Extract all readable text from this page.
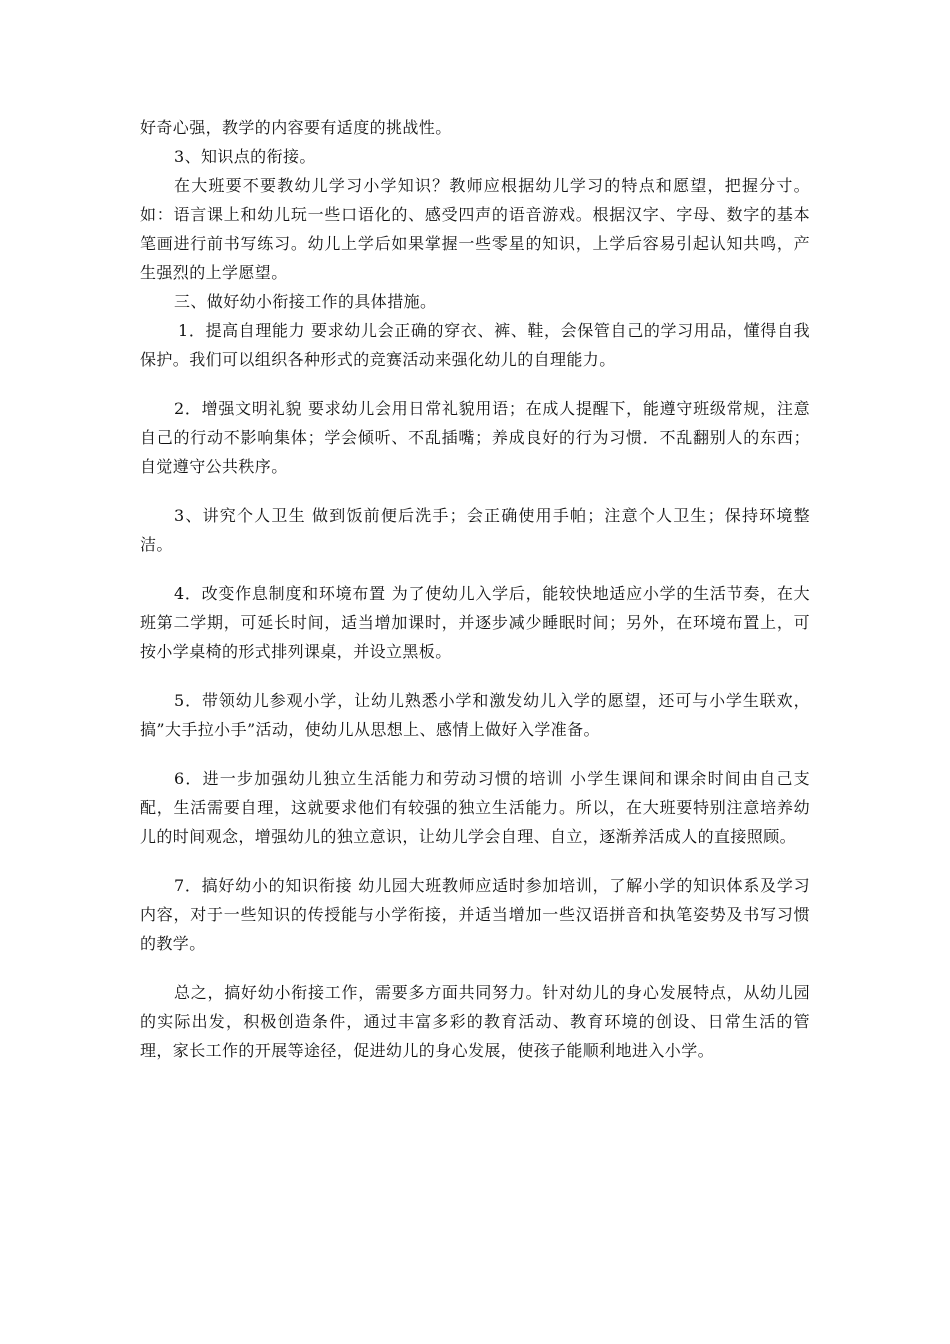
好奇心强，教学的内容要有适度的挑战性。

3、知识点的衔接。

在大班要不要教幼儿学习小学知识？教师应根据幼儿学习的特点和愿望，把握分寸。如：语言课上和幼儿玩一些口语化的、感受四声的语音游戏。根据汉字、字母、数字的基本笔画进行前书写练习。幼儿上学后如果掌握一些零星的知识，上学后容易引起认知共鸣，产生强烈的上学愿望。

三、做好幼小衔接工作的具体措施。

1．提高自理能力 要求幼儿会正确的穿衣、裤、鞋，会保管自己的学习用品，懂得自我保护。我们可以组织各种形式的竞赛活动来强化幼儿的自理能力。

2．增强文明礼貌 要求幼儿会用日常礼貌用语；在成人提醒下，能遵守班级常规，注意自己的行动不影响集体；学会倾听、不乱插嘴；养成良好的行为习惯．不乱翻别人的东西；自觉遵守公共秩序。

3、讲究个人卫生 做到饭前便后洗手；会正确使用手帕；注意个人卫生；保持环境整洁。

4．改变作息制度和环境布置 为了使幼儿入学后，能较快地适应小学的生活节奏，在大班第二学期，可延长时间，适当增加课时，并逐步减少睡眠时间；另外，在环境布置上，可按小学桌椅的形式排列课桌，并设立黑板。

5．带领幼儿参观小学，让幼儿熟悉小学和激发幼儿入学的愿望，还可与小学生联欢，搞”大手拉小手”活动，使幼儿从思想上、感情上做好入学准备。

6．进一步加强幼儿独立生活能力和劳动习惯的培训 小学生课间和课余时间由自己支配，生活需要自理，这就要求他们有较强的独立生活能力。所以，在大班要特别注意培养幼儿的时间观念，增强幼儿的独立意识，让幼儿学会自理、自立，逐渐养活成人的直接照顾。

7．搞好幼小的知识衔接 幼儿园大班教师应适时参加培训，了解小学的知识体系及学习内容，对于一些知识的传授能与小学衔接，并适当增加一些汉语拼音和执笔姿势及书写习惯的教学。

总之，搞好幼小衔接工作，需要多方面共同努力。针对幼儿的身心发展特点，从幼儿园的实际出发，积极创造条件，通过丰富多彩的教育活动、教育环境的创设、日常生活的管理，家长工作的开展等途径，促进幼儿的身心发展，使孩子能顺利地进入小学。
